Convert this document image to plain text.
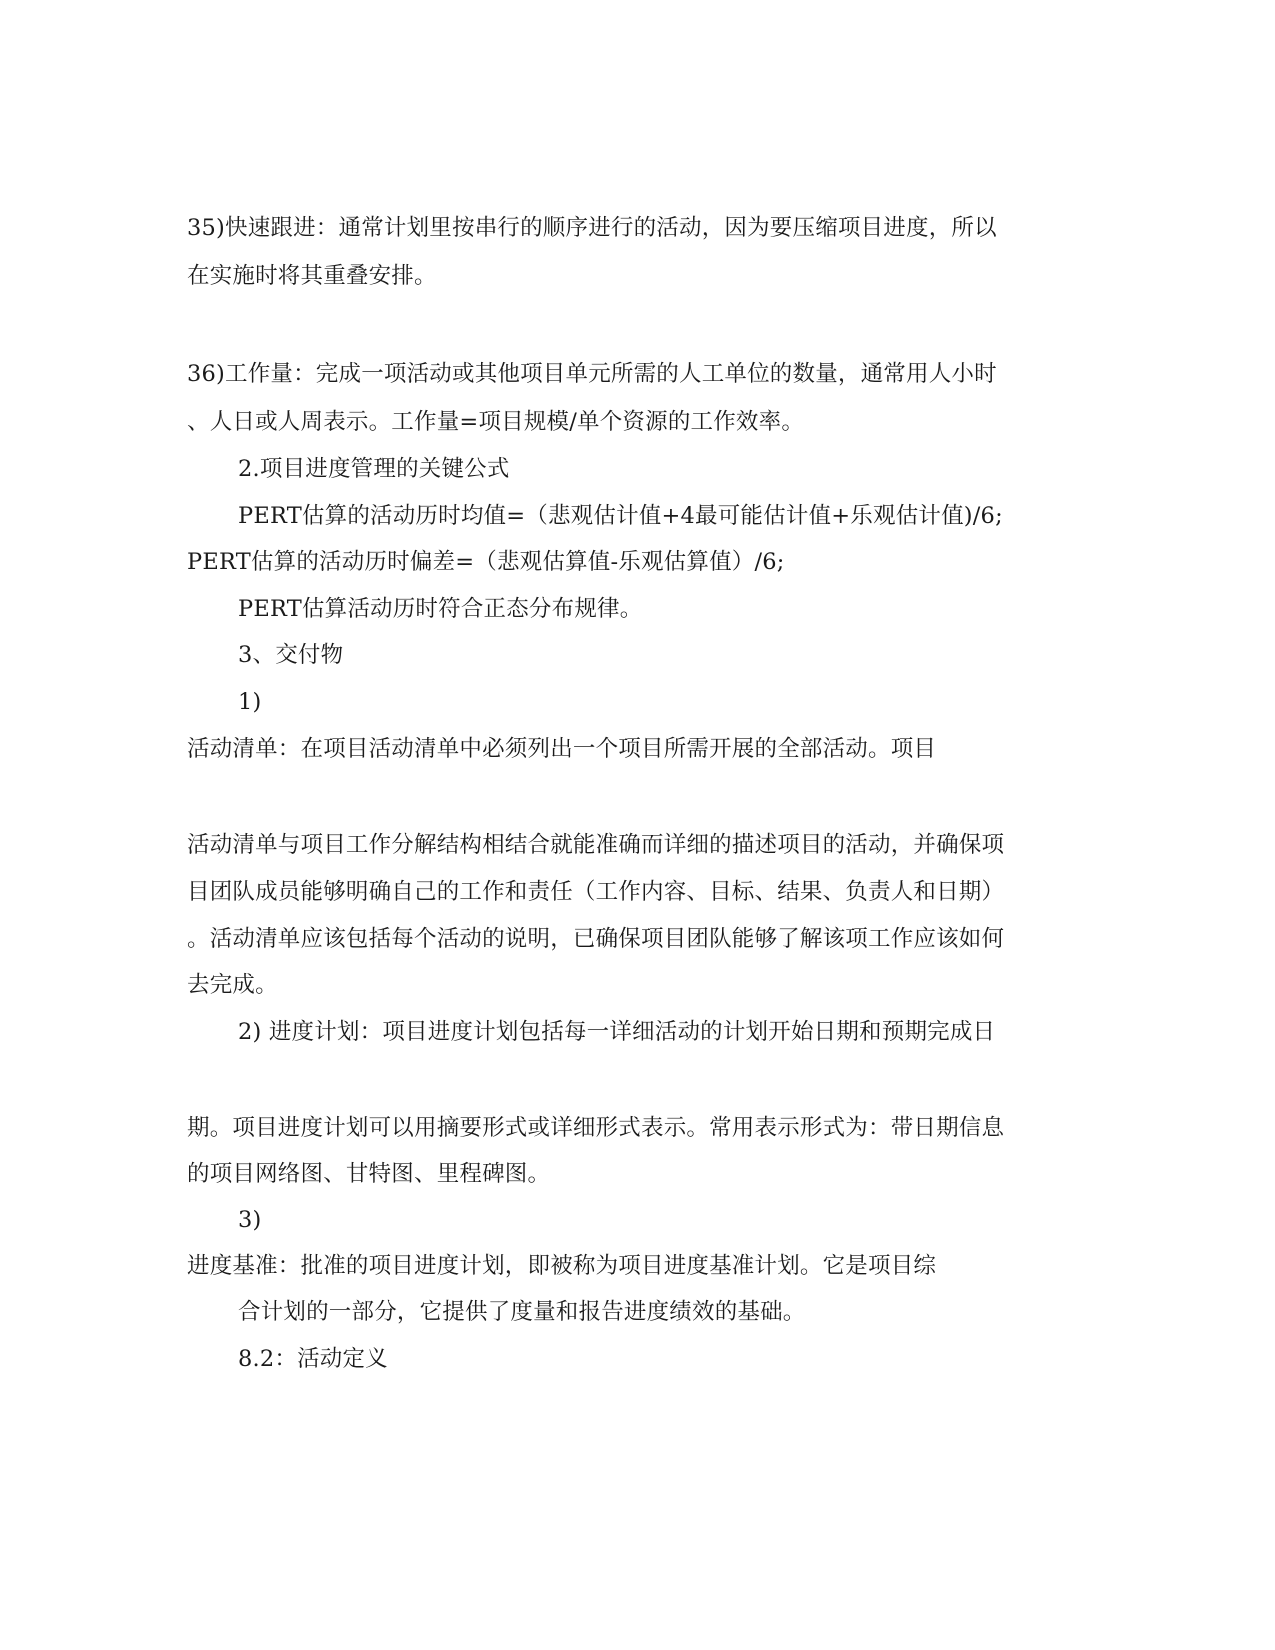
35)快速跟进：通常计划里按串行的顺序进行的活动，因为要压缩项目进度，所以
在实施时将其重叠安排。
36)工作量：完成一项活动或其他项目单元所需的人工单位的数量，通常用人小时
、人日或人周表示。工作量=项目规模/单个资源的工作效率。
2.项目进度管理的关键公式
PERT估算的活动历时均值=（悲观估计值+4最可能估计值+乐观估计值)/6;
PERT估算的活动历时偏差=（悲观估算值-乐观估算值）/6;
PERT估算活动历时符合正态分布规律。
3、交付物
1)
活动清单：在项目活动清单中必须列出一个项目所需开展的全部活动。项目
活动清单与项目工作分解结构相结合就能准确而详细的描述项目的活动，并确保项
目团队成员能够明确自己的工作和责任（工作内容、目标、结果、负责人和日期）
。活动清单应该包括每个活动的说明，已确保项目团队能够了解该项工作应该如何
去完成。
2) 进度计划：项目进度计划包括每一详细活动的计划开始日期和预期完成日
期。项目进度计划可以用摘要形式或详细形式表示。常用表示形式为：带日期信息
的项目网络图、甘特图、里程碑图。
3)
进度基准：批准的项目进度计划，即被称为项目进度基准计划。它是项目综
合计划的一部分，它提供了度量和报告进度绩效的基础。
8.2：活动定义
